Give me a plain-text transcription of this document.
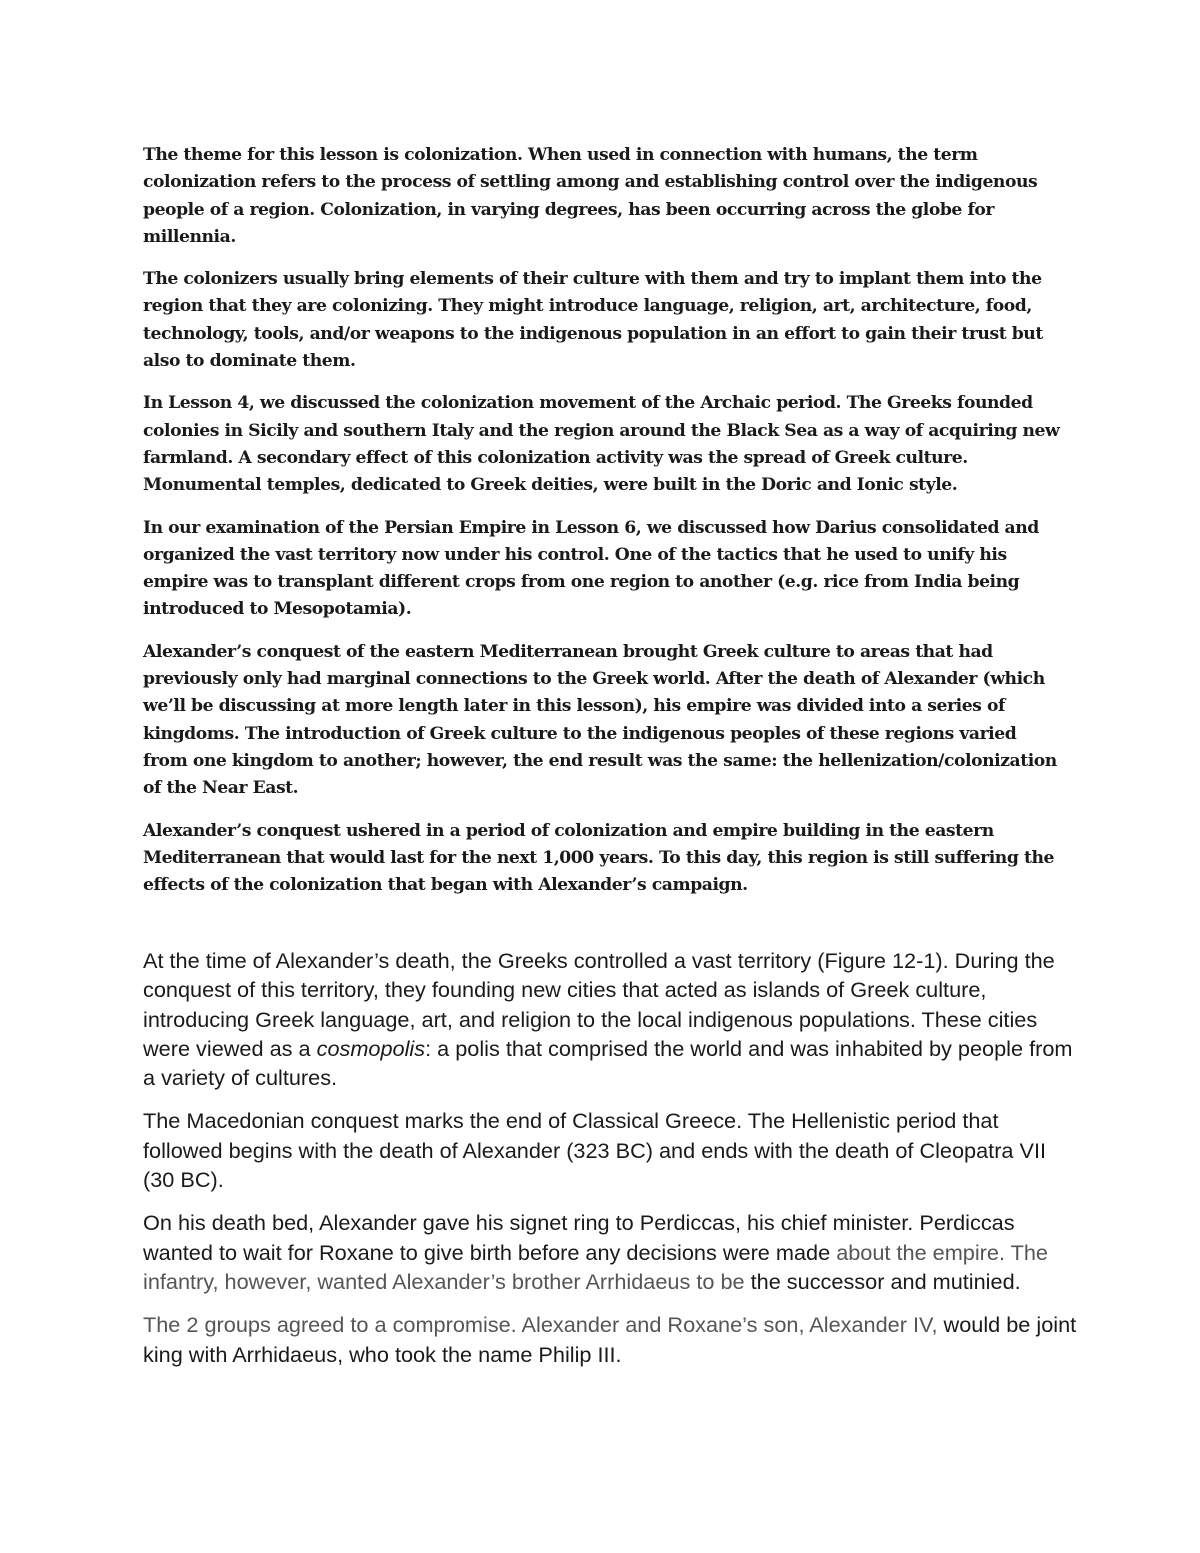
The theme for this lesson is colonization. When used in connection with humans, the term colonization refers to the process of settling among and establishing control over the indigenous people of a region. Colonization, in varying degrees, has been occurring across the globe for millennia.

The colonizers usually bring elements of their culture with them and try to implant them into the region that they are colonizing. They might introduce language, religion, art, architecture, food, technology, tools, and/or weapons to the indigenous population in an effort to gain their trust but also to dominate them.

In Lesson 4, we discussed the colonization movement of the Archaic period. The Greeks founded colonies in Sicily and southern Italy and the region around the Black Sea as a way of acquiring new farmland. A secondary effect of this colonization activity was the spread of Greek culture. Monumental temples, dedicated to Greek deities, were built in the Doric and Ionic style.

In our examination of the Persian Empire in Lesson 6, we discussed how Darius consolidated and organized the vast territory now under his control. One of the tactics that he used to unify his empire was to transplant different crops from one region to another (e.g. rice from India being introduced to Mesopotamia).

Alexander’s conquest of the eastern Mediterranean brought Greek culture to areas that had previously only had marginal connections to the Greek world. After the death of Alexander (which we’ll be discussing at more length later in this lesson), his empire was divided into a series of kingdoms. The introduction of Greek culture to the indigenous peoples of these regions varied from one kingdom to another; however, the end result was the same: the hellenization/colonization of the Near East.

Alexander’s conquest ushered in a period of colonization and empire building in the eastern Mediterranean that would last for the next 1,000 years. To this day, this region is still suffering the effects of the colonization that began with Alexander’s campaign.

At the time of Alexander’s death, the Greeks controlled a vast territory (Figure 12-1). During the conquest of this territory, they founding new cities that acted as islands of Greek culture, introducing Greek language, art, and religion to the local indigenous populations. These cities were viewed as a cosmopolis: a polis that comprised the world and was inhabited by people from a variety of cultures.

The Macedonian conquest marks the end of Classical Greece. The Hellenistic period that followed begins with the death of Alexander (323 BC) and ends with the death of Cleopatra VII (30 BC).

On his death bed, Alexander gave his signet ring to Perdiccas, his chief minister. Perdiccas wanted to wait for Roxane to give birth before any decisions were made about the empire. The infantry, however, wanted Alexander’s brother Arrhidaeus to be the successor and mutinied.

The 2 groups agreed to a compromise. Alexander and Roxane’s son, Alexander IV, would be joint king with Arrhidaeus, who took the name Philip III.
